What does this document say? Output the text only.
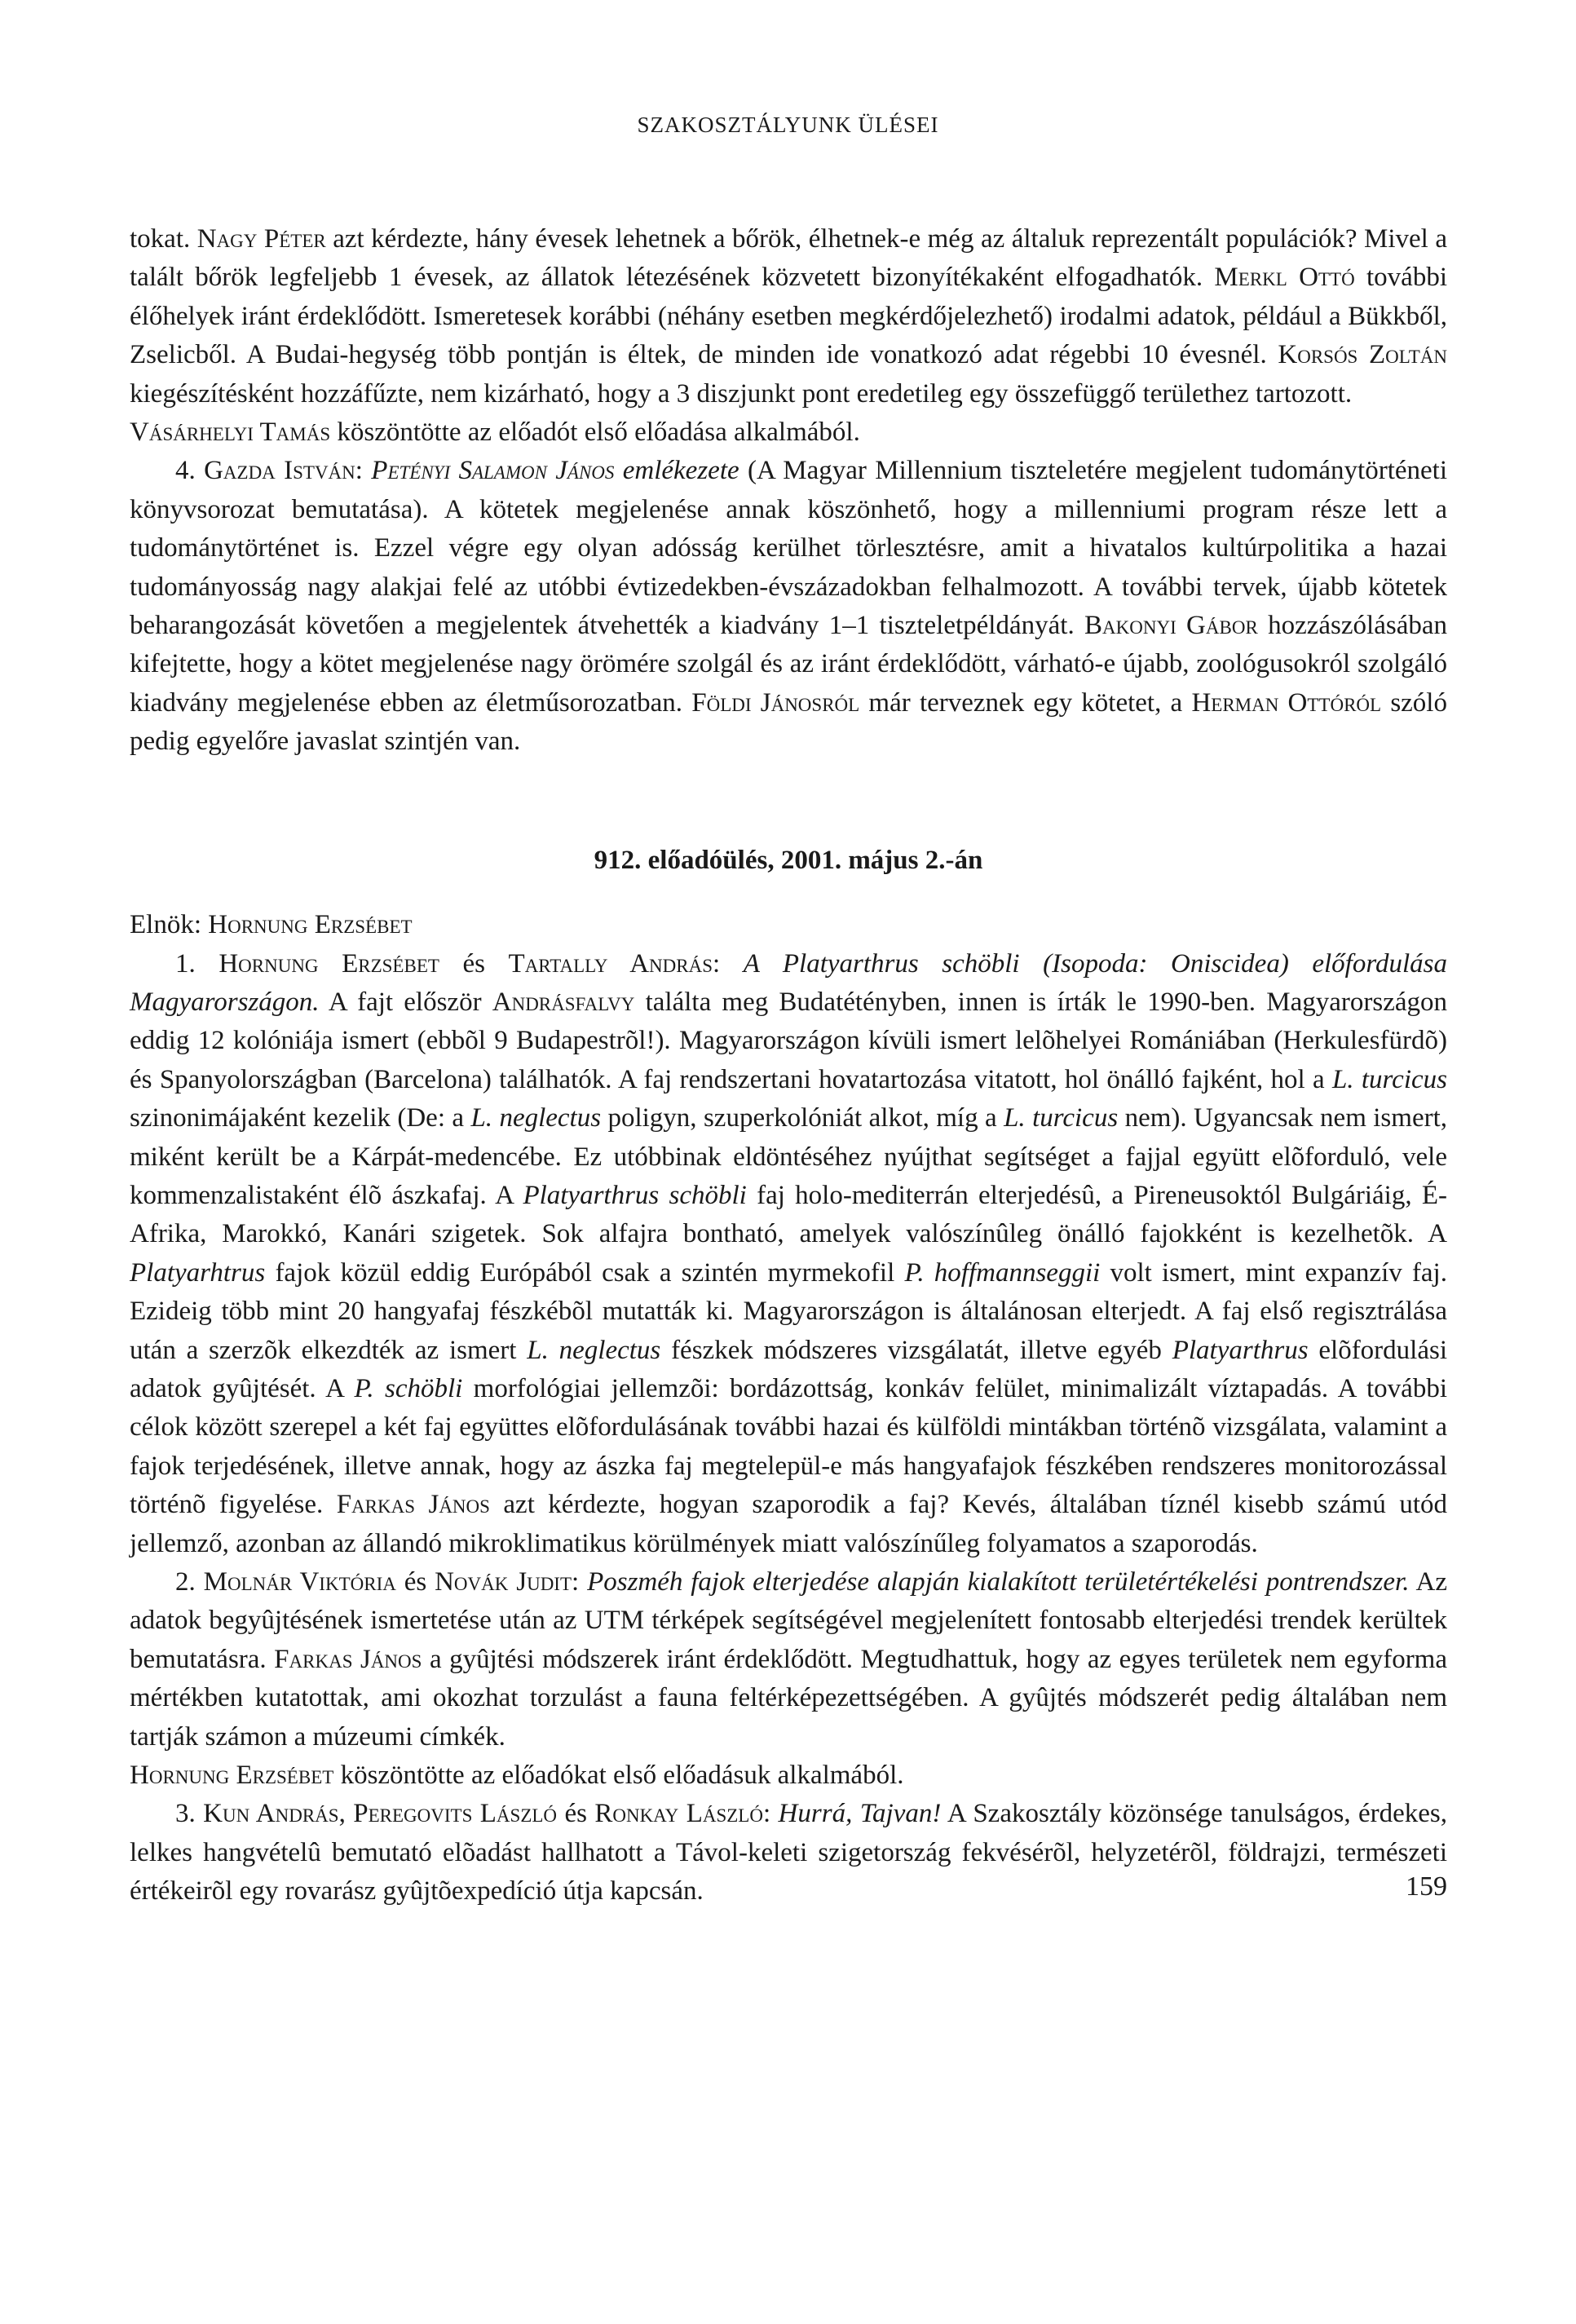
SZAKOSZTÁLYUNK ÜLÉSEI

tokat. Nagy Péter azt kérdezte, hány évesek lehetnek a bőrök, élhetnek-e még az általuk reprezentált populációk? Mivel a talált bőrök legfeljebb 1 évesek, az állatok létezésének közvetett bizonyítékaként elfogadhatók. Merkl Ottó további élőhelyek iránt érdeklődött. Ismeretesek korábbi (néhány esetben megkérdőjelezhető) irodalmi adatok, például a Bükkből, Zselicből. A Budai-hegység több pontján is éltek, de minden ide vonatkozó adat régebbi 10 évesnél. Korsós Zoltán kiegészítésként hozzáfűzte, nem kizárható, hogy a 3 diszjunkt pont eredetileg egy összefüggő területhez tartozott.

Vásárhelyi Tamás köszöntötte az előadót első előadása alkalmából.

4. Gazda István: Petényi Salamon János emlékezete (A Magyar Millennium tiszteletére megjelent tudománytörténeti könyvsorozat bemutatása). A kötetek megjelenése annak köszönhető, hogy a millenniumi program része lett a tudománytörténet is. Ezzel végre egy olyan adósság kerülhet törlesztésre, amit a hivatalos kultúrpolitika a hazai tudományosság nagy alakjai felé az utóbbi évtizedekben-évszázadokban felhalmozott. A további tervek, újabb kötetek beharangozását követően a megjelentek átvehették a kiadvány 1–1 tiszteletpéldányát. Bakonyi Gábor hozzászólásában kifejtette, hogy a kötet megjelenése nagy örömére szolgál és az iránt érdeklődött, várható-e újabb, zoológusokról szolgáló kiadvány megjelenése ebben az életműsorozatban. Földi Jánosról már terveznek egy kötetet, a Herman Ottóról szóló pedig egyelőre javaslat szintjén van.

912. előadóülés, 2001. május 2.-án

Elnök: Hornung Erzsébet

1. Hornung Erzsébet és Tartally András: A Platyarthrus schöbli (Isopoda: Oniscidea) előfordulása Magyarországon. A fajt először Andrásfalvy találta meg Budatétényben, innen is írták le 1990-ben. Magyarországon eddig 12 kolóniája ismert (ebbõl 9 Budapestrõl!). Magyarországon kívüli ismert lelõhelyei Romániában (Herkulesfürdõ) és Spanyolországban (Barcelona) találhatók. A faj rendszertani hovatartozása vitatott, hol önálló fajként, hol a L. turcicus szinonimájaként kezelik (De: a L. neglectus poligyn, szuperkolóniát alkot, míg a L. turcicus nem). Ugyancsak nem ismert, miként került be a Kárpát-medencébe. Ez utóbbinak eldöntéséhez nyújthat segítséget a fajjal együtt elõforduló, vele kommenzalistaként élõ ászkafaj. A Platyarthrus schöbli faj holo-mediterrán elterjedésû, a Pireneusoktól Bulgáriáig, É-Afrika, Marokkó, Kanári szigetek. Sok alfajra bontható, amelyek valószínûleg önálló fajokként is kezelhetõk. A Platyarhtrus fajok közül eddig Európából csak a szintén myrmekofil P. hoffmannseggii volt ismert, mint expanzív faj. Ezideig több mint 20 hangyafaj fészkébõl mutatták ki. Magyarországon is általánosan elterjedt. A faj első regisztrálása után a szerzõk elkezdték az ismert L. neglectus fészkek módszeres vizsgálatát, illetve egyéb Platyarthrus elõfordulási adatok gyûjtését. A P. schöbli morfológiai jellemzõi: bordázottság, konkáv felület, minimalizált víztapadás. A további célok között szerepel a két faj együttes elõfordulásának további hazai és külföldi mintákban történõ vizsgálata, valamint a fajok terjedésének, illetve annak, hogy az ászka faj megtelepül-e más hangyafajok fészkében rendszeres monitorozással történõ figyelése. Farkas János azt kérdezte, hogyan szaporodik a faj? Kevés, általában tíznél kisebb számú utód jellemző, azonban az állandó mikroklimatikus körülmények miatt valószínűleg folyamatos a szaporodás.

2. Molnár Viktória és Novák Judit: Poszméh fajok elterjedése alapján kialakított területértékelési pontrendszer. Az adatok begyûjtésének ismertetése után az UTM térképek segítségével megjelenített fontosabb elterjedési trendek kerültek bemutatásra. Farkas János a gyûjtési módszerek iránt érdeklődött. Megtudhattuk, hogy az egyes területek nem egyforma mértékben kutatottak, ami okozhat torzulást a fauna feltérképezettségében. A gyûjtés módszerét pedig általában nem tartják számon a múzeumi címkék.

Hornung Erzsébet köszöntötte az előadókat első előadásuk alkalmából.

3. Kun András, Peregovits László és Ronkay László: Hurrá, Tajvan! A Szakosztály közönsége tanulságos, érdekes, lelkes hangvételû bemutató elõadást hallhatott a Távol-keleti szigetország fekvésérõl, helyzetérõl, földrajzi, természeti értékeirõl egy rovarász gyûjtõexpedíció útja kapcsán.	159
